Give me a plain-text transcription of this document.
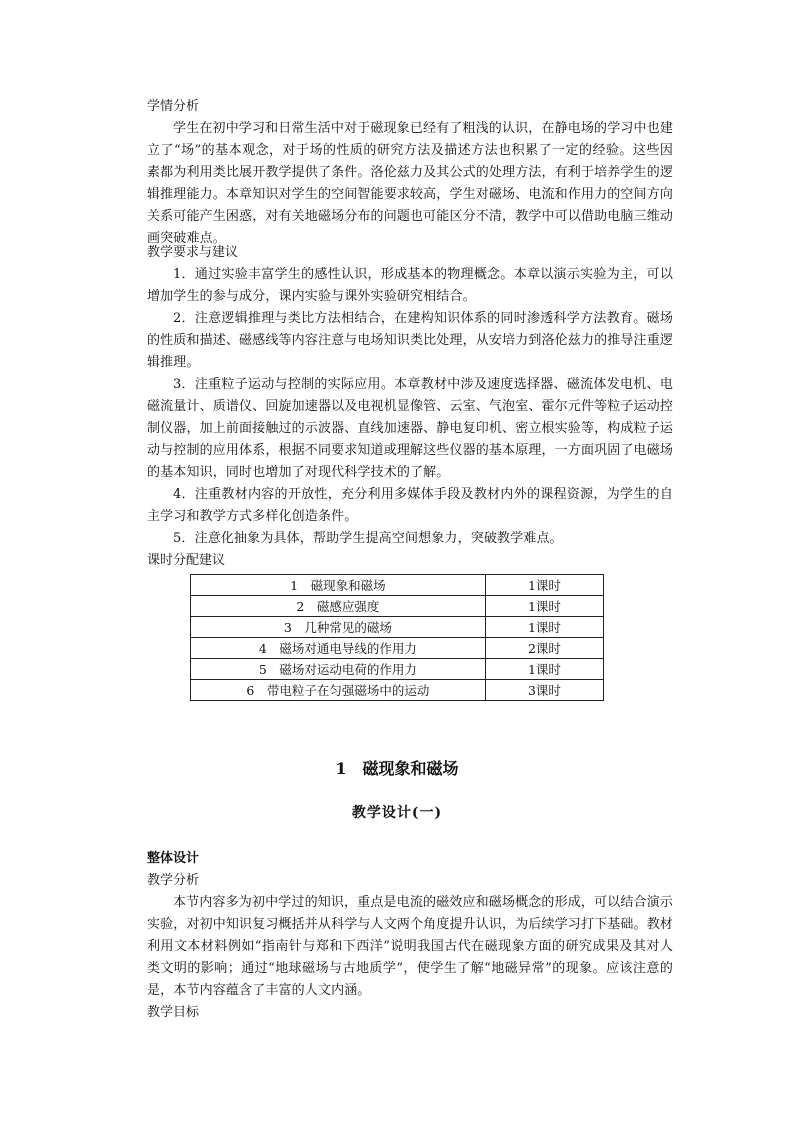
学情分析

学生在初中学习和日常生活中对于磁现象已经有了粗浅的认识，在静电场的学习中也建立了“场”的基本观念，对于场的性质的研究方法及描述方法也积累了一定的经验。这些因素都为利用类比展开教学提供了条件。洛伦兹力及其公式的处理方法，有利于培养学生的逻辑推理能力。本章知识对学生的空间智能要求较高，学生对磁场、电流和作用力的空间方向关系可能产生困惑，对有关地磁场分布的问题也可能区分不清，教学中可以借助电脑三维动画突破难点。

教学要求与建议

1．通过实验丰富学生的感性认识，形成基本的物理概念。本章以演示实验为主，可以增加学生的参与成分，课内实验与课外实验研究相结合。

2．注意逻辑推理与类比方法相结合，在建构知识体系的同时渗透科学方法教育。磁场的性质和描述、磁感线等内容注意与电场知识类比处理，从安培力到洛伦兹力的推导注重逻辑推理。

3．注重粒子运动与控制的实际应用。本章教材中涉及速度选择器、磁流体发电机、电磁流量计、质谱仪、回旋加速器以及电视机显像管、云室、气泡室、霍尔元件等粒子运动控制仪器，加上前面接触过的示波器、直线加速器、静电复印机、密立根实验等，构成粒子运动与控制的应用体系，根据不同要求知道或理解这些仪器的基本原理，一方面巩固了电磁场的基本知识，同时也增加了对现代科学技术的了解。

4．注重教材内容的开放性，充分利用多媒体手段及教材内外的课程资源，为学生的自主学习和教学方式多样化创造条件。

5．注意化抽象为具体，帮助学生提高空间想象力，突破教学难点。

课时分配建议

1　磁现象和磁场	1课时
2　磁感应强度	1课时
3　几种常见的磁场	1课时
4　磁场对通电导线的作用力	2课时
5　磁场对运动电荷的作用力	1课时
6　带电粒子在匀强磁场中的运动	3课时
1　磁现象和磁场
教学设计(一)

整体设计

教学分析

本节内容多为初中学过的知识，重点是电流的磁效应和磁场概念的形成，可以结合演示实验，对初中知识复习概括并从科学与人文两个角度提升认识，为后续学习打下基础。教材利用文本材料例如“指南针与郑和下西洋”说明我国古代在磁现象方面的研究成果及其对人类文明的影响；通过“地球磁场与古地质学”，使学生了解“地磁异常”的现象。应该注意的是，本节内容蕴含了丰富的人文内涵。

教学目标
